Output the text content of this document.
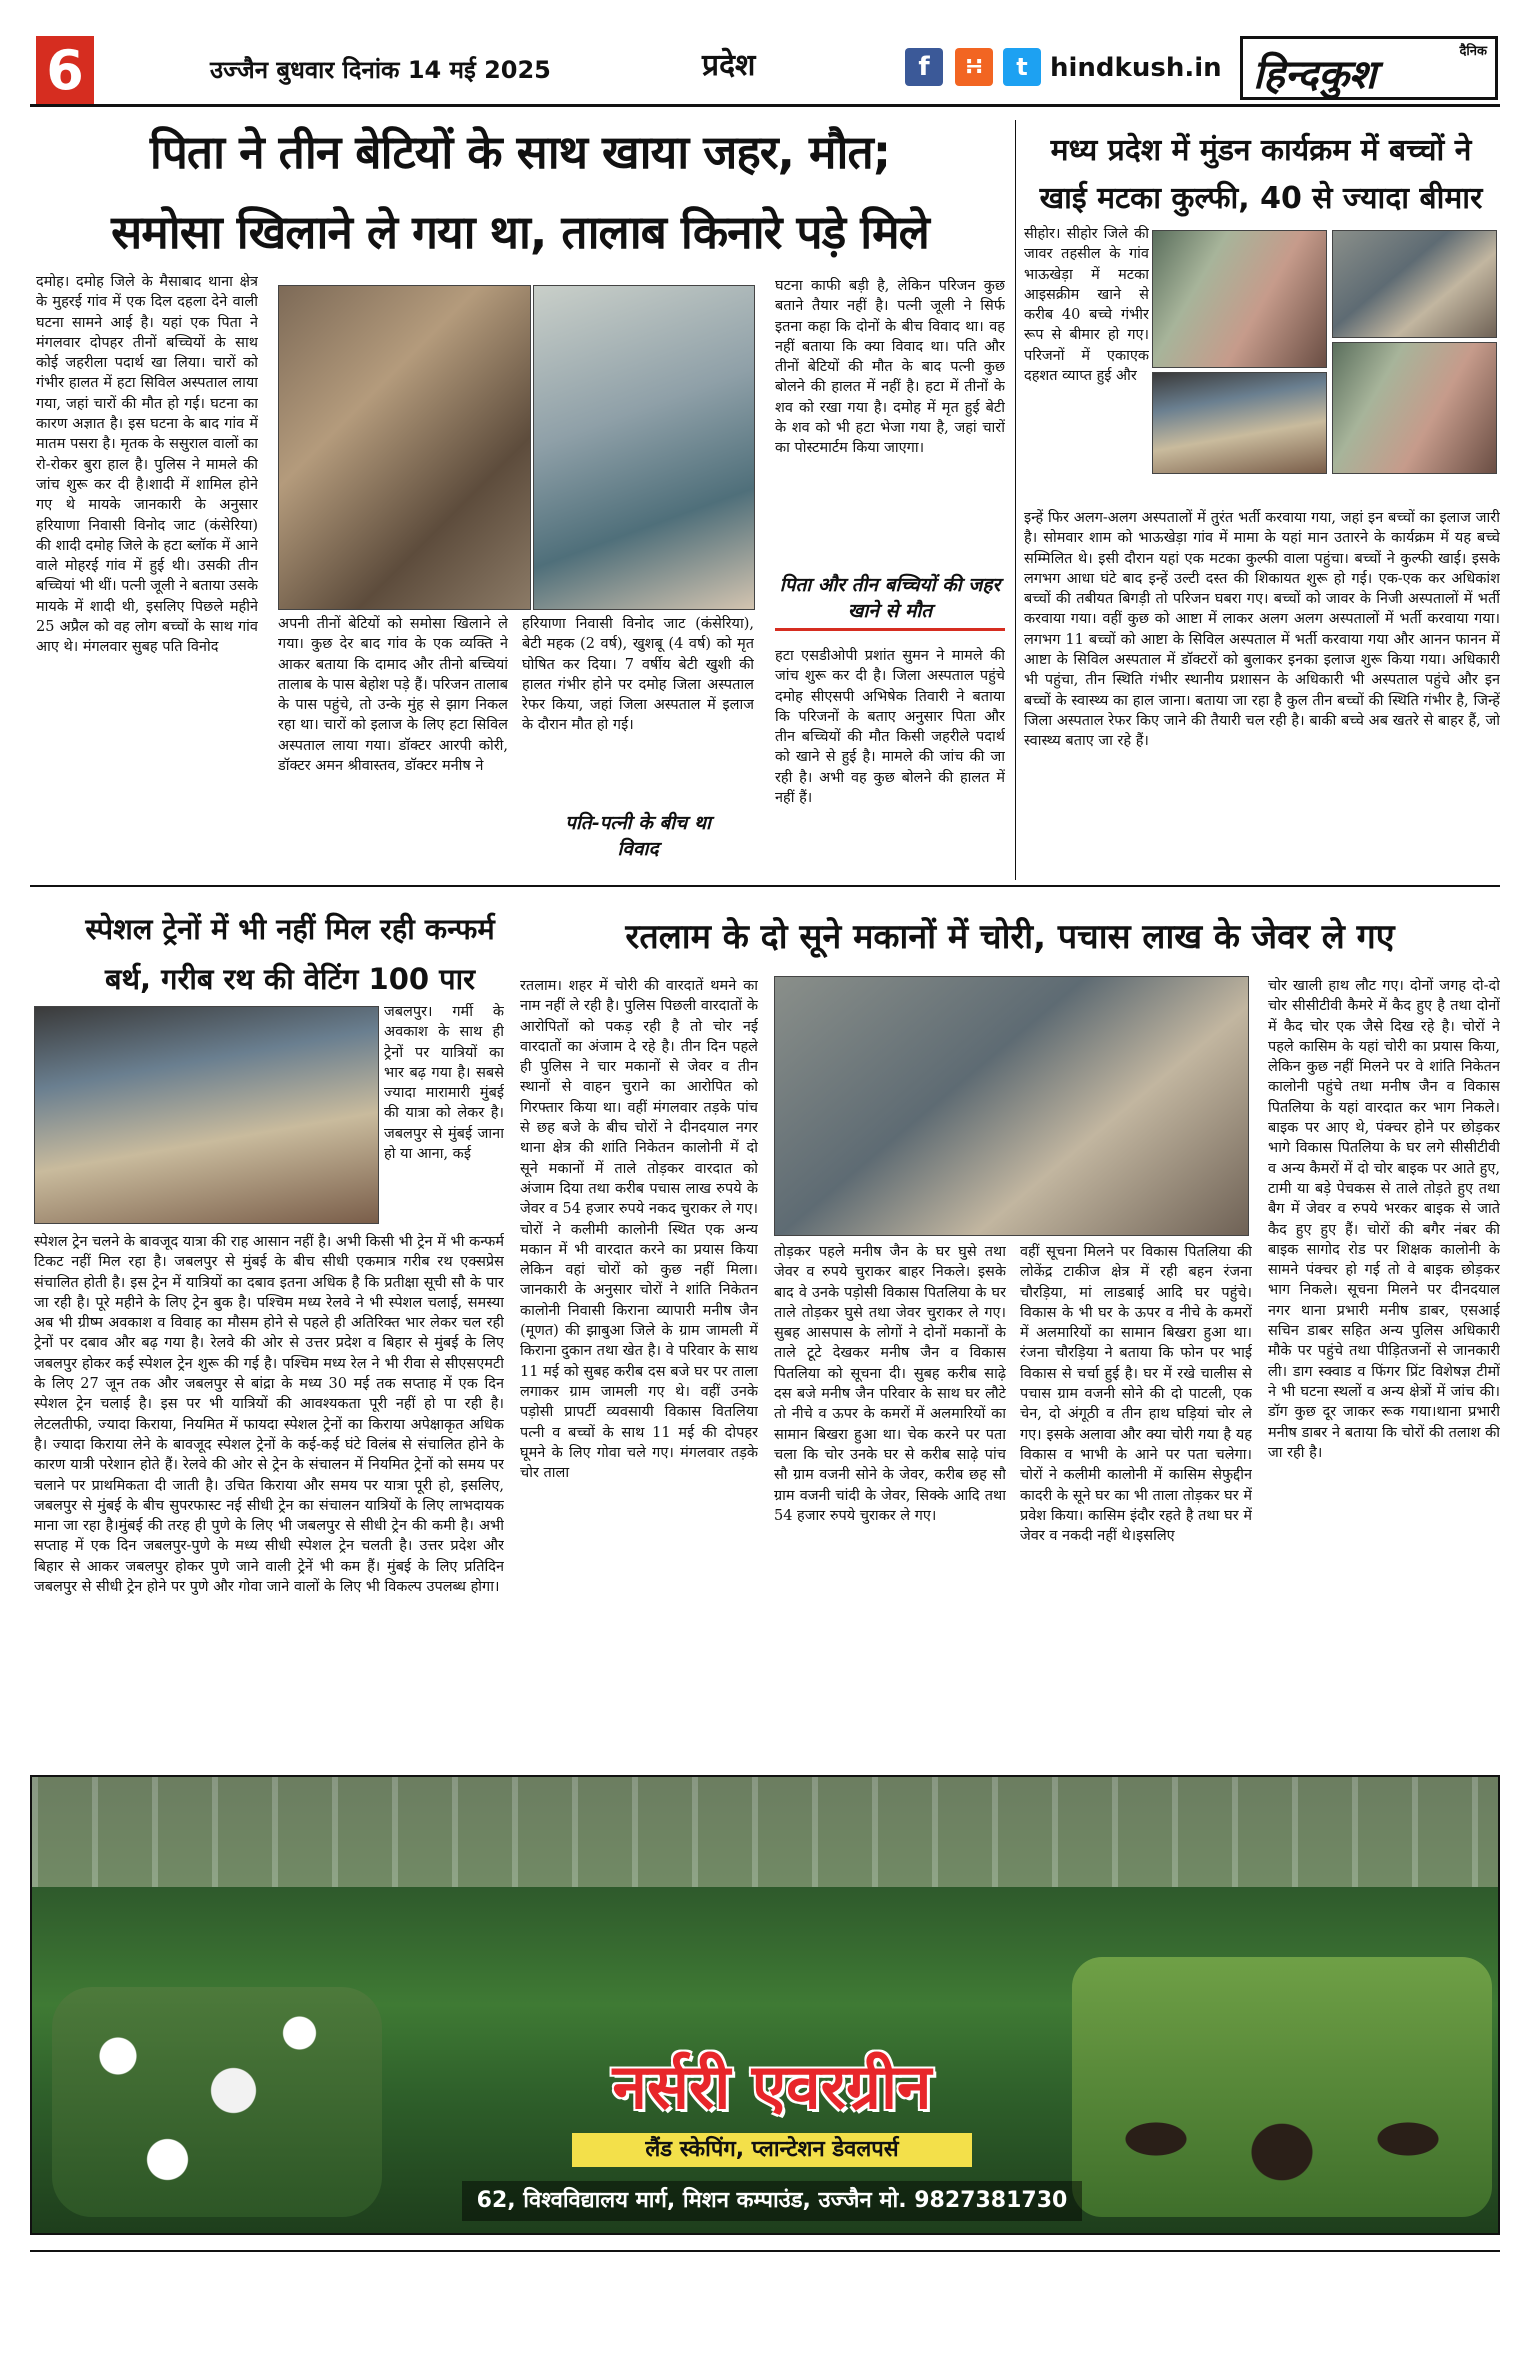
6	उज्जैन बुधवार दिनांक 14 मई 2025	प्रदेश	f	∺	t hindkush.in
दैनिक
हिन्दकुश
पिता ने तीन बेटियों के साथ खाया जहर, मौत;
समोसा खिलाने ले गया था, तालाब किनारे पड़े मिले
दमोह। दमोह जिले के मैसाबाद थाना क्षेत्र के मुहरई गांव में एक दिल दहला देने वाली घटना सामने आई है। यहां एक पिता ने मंगलवार दोपहर तीनों बच्चियों के साथ कोई जहरीला पदार्थ खा लिया। चारों को गंभीर हालत में हटा सिविल अस्पताल लाया गया, जहां चारों की मौत हो गई। घटना का कारण अज्ञात है। इस घटना के बाद गांव में मातम पसरा है। मृतक के ससुराल वालों का रो-रोकर बुरा हाल है। पुलिस ने मामले की जांच शुरू कर दी है।शादी में शामिल होने गए थे मायके जानकारी के अनुसार हरियाणा निवासी विनोद जाट (कंसेरिया) की शादी दमोह जिले के हटा ब्लॉक में आने वाले मोहरई गांव में हुई थी। उसकी तीन बच्चियां भी थीं। पत्नी जूली ने बताया उसके मायके में शादी थी, इसलिए पिछले महीने 25 अप्रैल को वह लोग बच्चों के साथ गांव आए थे। मंगलवार सुबह पति विनोद
अपनी तीनों बेटियों को समोसा खिलाने ले गया। कुछ देर बाद गांव के एक व्यक्ति ने आकर बताया कि दामाद और तीनो बच्चियां तालाब के पास बेहोश पड़े हैं। परिजन तालाब के पास पहुंचे, तो उन्के मुंह से झाग निकल रहा था। चारों को इलाज के लिए हटा सिविल अस्पताल लाया गया। डॉक्टर आरपी कोरी, डॉक्टर अमन श्रीवास्तव, डॉक्टर मनीष ने
हरियाणा निवासी विनोद जाट (कंसेरिया), बेटी महक (2 वर्ष), खुशबू (4 वर्ष) को मृत घोषित कर दिया। 7 वर्षीय बेटी खुशी की हालत गंभीर होने पर दमोह जिला अस्पताल रेफर किया, जहां जिला अस्पताल में इलाज के दौरान मौत हो गई।
पति-पत्नी के बीच था विवाद
घटना काफी बड़ी है, लेकिन परिजन कुछ बताने तैयार नहीं है। पत्नी जूली ने सिर्फ इतना कहा कि दोनों के बीच विवाद था। वह नहीं बताया कि क्या विवाद था। पति और तीनों बेटियों की मौत के बाद पत्नी कुछ बोलने की हालत में नहीं है। हटा में तीनों के शव को रखा गया है। दमोह में मृत हुई बेटी के शव को भी हटा भेजा गया है, जहां चारों का पोस्टमार्टम किया जाएगा।
पिता और तीन बच्चियों की जहर खाने से मौत
हटा एसडीओपी प्रशांत सुमन ने मामले की जांच शुरू कर दी है। जिला अस्पताल पहुंचे दमोह सीएसपी अभिषेक तिवारी ने बताया कि परिजनों के बताए अनुसार पिता और तीन बच्चियों की मौत किसी जहरीले पदार्थ को खाने से हुई है। मामले की जांच की जा रही है। अभी वह कुछ बोलने की हालत में नहीं हैं।
मध्य प्रदेश में मुंडन कार्यक्रम में बच्चों ने
खाई मटका कुल्फी, 40 से ज्यादा बीमार
सीहोर। सीहोर जिले की जावर तहसील के गांव भाऊखेड़ा में मटका आइसक्रीम खाने से करीब 40 बच्चे गंभीर रूप से बीमार हो गए। परिजनों में एकाएक दहशत व्याप्त हुई और
इन्हें फिर अलग-अलग अस्पतालों में तुरंत भर्ती करवाया गया, जहां इन बच्चों का इलाज जारी है। सोमवार शाम को भाऊखेड़ा गांव में मामा के यहां मान उतारने के कार्यक्रम में यह बच्चे सम्मिलित थे। इसी दौरान यहां एक मटका कुल्फी वाला पहुंचा। बच्चों ने कुल्फी खाई। इसके लगभग आधा घंटे बाद इन्हें उल्टी दस्त की शिकायत शुरू हो गई। एक-एक कर अधिकांश बच्चों की तबीयत बिगड़ी तो परिजन घबरा गए। बच्चों को जावर के निजी अस्पतालों में भर्ती करवाया गया। वहीं कुछ को आष्टा में लाकर अलग अलग अस्पतालों में भर्ती करवाया गया। लगभग 11 बच्चों को आष्टा के सिविल अस्पताल में भर्ती करवाया गया और आनन फानन में आष्टा के सिविल अस्पताल में डॉक्टरों को बुलाकर इनका इलाज शुरू किया गया। अधिकारी भी पहुंचा, तीन स्थिति गंभीर स्थानीय प्रशासन के अधिकारी भी अस्पताल पहुंचे और इन बच्चों के स्वास्थ्य का हाल जाना। बताया जा रहा है कुल तीन बच्चों की स्थिति गंभीर है, जिन्हें जिला अस्पताल रेफर किए जाने की तैयारी चल रही है। बाकी बच्चे अब खतरे से बाहर हैं, जो स्वास्थ्य बताए जा रहे हैं।
स्पेशल ट्रेनों में भी नहीं मिल रही कन्फर्म
बर्थ, गरीब रथ की वेटिंग 100 पार
जबलपुर। गर्मी के अवकाश के साथ ही ट्रेनों पर यात्रियों का भार बढ़ गया है। सबसे ज्यादा मारामारी मुंबई की यात्रा को लेकर है। जबलपुर से मुंबई जाना हो या आना, कई
स्पेशल ट्रेन चलने के बावजूद यात्रा की राह आसान नहीं है। अभी किसी भी ट्रेन में भी कन्फर्म टिकट नहीं मिल रहा है। जबलपुर से मुंबई के बीच सीधी एकमात्र गरीब रथ एक्सप्रेस संचालित होती है। इस ट्रेन में यात्रियों का दबाव इतना अधिक है कि प्रतीक्षा सूची सौ के पार जा रही है। पूरे महीने के लिए ट्रेन बुक है। पश्चिम मध्य रेलवे ने भी स्पेशल चलाई, समस्या अब भी ग्रीष्म अवकाश व विवाह का मौसम होने से पहले ही अतिरिक्त भार लेकर चल रही ट्रेनों पर दबाव और बढ़ गया है। रेलवे की ओर से उत्तर प्रदेश व बिहार से मुंबई के लिए जबलपुर होकर कई स्पेशल ट्रेन शुरू की गई है। पश्चिम मध्य रेल ने भी रीवा से सीएसएमटी के लिए 27 जून तक और जबलपुर से बांद्रा के मध्य 30 मई तक सप्ताह में एक दिन स्पेशल ट्रेन चलाई है। इस पर भी यात्रियों की आवश्यकता पूरी नहीं हो पा रही है। लेटलतीफी, ज्यादा किराया, नियमित में फायदा स्पेशल ट्रेनों का किराया अपेक्षाकृत अधिक है। ज्यादा किराया लेने के बावजूद स्पेशल ट्रेनों के कई-कई घंटे विलंब से संचालित होने के कारण यात्री परेशान होते हैं। रेलवे की ओर से ट्रेन के संचालन में नियमित ट्रेनों को समय पर चलाने पर प्राथमिकता दी जाती है। उचित किराया और समय पर यात्रा पूरी हो, इसलिए, जबलपुर से मुंबई के बीच सुपरफास्ट नई सीधी ट्रेन का संचालन यात्रियों के लिए लाभदायक माना जा रहा है।मुंबई की तरह ही पुणे के लिए भी जबलपुर से सीधी ट्रेन की कमी है। अभी सप्ताह में एक दिन जबलपुर-पुणे के मध्य सीधी स्पेशल ट्रेन चलती है। उत्तर प्रदेश और बिहार से आकर जबलपुर होकर पुणे जाने वाली ट्रेनें भी कम हैं। मुंबई के लिए प्रतिदिन जबलपुर से सीधी ट्रेन होने पर पुणे और गोवा जाने वालों के लिए भी विकल्प उपलब्ध होगा।
रतलाम के दो सूने मकानों में चोरी, पचास लाख के जेवर ले गए
रतलाम। शहर में चोरी की वारदातें थमने का नाम नहीं ले रही है। पुलिस पिछली वारदातों के आरोपितों को पकड़ रही है तो चोर नई वारदातों का अंजाम दे रहे है। तीन दिन पहले ही पुलिस ने चार मकानों से जेवर व तीन स्थानों से वाहन चुराने का आरोपित को गिरफ्तार किया था। वहीं मंगलवार तड़के पांच से छह बजे के बीच चोरों ने दीनदयाल नगर थाना क्षेत्र की शांति निकेतन कालोनी में दो सूने मकानों में ताले तोड़कर वारदात को अंजाम दिया तथा करीब पचास लाख रुपये के जेवर व 54 हजार रुपये नकद चुराकर ले गए। चोरों ने कलीमी कालोनी स्थित एक अन्य मकान में भी वारदात करने का प्रयास किया लेकिन वहां चोरों को कुछ नहीं मिला। जानकारी के अनुसार चोरों ने शांति निकेतन कालोनी निवासी किराना व्यापारी मनीष जैन (मूणत) की झाबुआ जिले के ग्राम जामली में किराना दुकान तथा खेत है। वे परिवार के साथ 11 मई को सुबह करीब दस बजे घर पर ताला लगाकर ग्राम जामली गए थे। वहीं उनके पड़ोसी प्रापर्टी व्यवसायी विकास वितलिया पत्नी व बच्चों के साथ 11 मई की दोपहर घूमने के लिए गोवा चले गए। मंगलवार तड़के चोर ताला
तोड़कर पहले मनीष जैन के घर घुसे तथा जेवर व रुपये चुराकर बाहर निकले। इसके बाद वे उनके पड़ोसी विकास पितलिया के घर ताले तोड़कर घुसे तथा जेवर चुराकर ले गए। सुबह आसपास के लोगों ने दोनों मकानों के ताले टूटे देखकर मनीष जैन व विकास पितलिया को सूचना दी। सुबह करीब साढ़े दस बजे मनीष जैन परिवार के साथ घर लौटे तो नीचे व ऊपर के कमरों में अलमारियों का सामान बिखरा हुआ था। चेक करने पर पता चला कि चोर उनके घर से करीब साढ़े पांच सौ ग्राम वजनी सोने के जेवर, करीब छह सौ ग्राम वजनी चांदी के जेवर, सिक्के आदि तथा 54 हजार रुपये चुराकर ले गए।
वहीं सूचना मिलने पर विकास पितलिया की लोकेंद्र टाकीज क्षेत्र में रही बहन रंजना चौरड़िया, मां लाडबाई आदि घर पहुंचे। विकास के भी घर के ऊपर व नीचे के कमरों में अलमारियों का सामान बिखरा हुआ था। रंजना चौरड़िया ने बताया कि फोन पर भाई विकास से चर्चा हुई है। घर में रखे चालीस से पचास ग्राम वजनी सोने की दो पाटली, एक चेन, दो अंगूठी व तीन हाथ घड़ियां चोर ले गए। इसके अलावा और क्या चोरी गया है यह विकास व भाभी के आने पर पता चलेगा। चोरों ने कलीमी कालोनी में कासिम सेफुद्दीन कादरी के सूने घर का भी ताला तोड़कर घर में प्रवेश किया। कासिम इंदौर रहते है तथा घर में जेवर व नकदी नहीं थे।इसलिए
चोर खाली हाथ लौट गए। दोनों जगह दो-दो चोर सीसीटीवी कैमरे में कैद हुए है तथा दोनों में कैद चोर एक जैसे दिख रहे है। चोरों ने पहले कासिम के यहां चोरी का प्रयास किया, लेकिन कुछ नहीं मिलने पर वे शांति निकेतन कालोनी पहुंचे तथा मनीष जैन व विकास पितलिया के यहां वारदात कर भाग निकले। बाइक पर आए थे, पंक्चर होने पर छोड़कर भागे विकास पितलिया के घर लगे सीसीटीवी व अन्य कैमरों में दो चोर बाइक पर आते हुए, टामी या बड़े पेचकस से ताले तोड़ते हुए तथा बैग में जेवर व रुपये भरकर बाइक से जाते कैद हुए हुए हैं। चोरों की बगैर नंबर की बाइक सागोद रोड पर शिक्षक कालोनी के सामने पंक्चर हो गई तो वे बाइक छोड़कर भाग निकले। सूचना मिलने पर दीनदयाल नगर थाना प्रभारी मनीष डाबर, एसआई सचिन डाबर सहित अन्य पुलिस अधिकारी मौके पर पहुंचे तथा पीड़ितजनों से जानकारी ली। डाग स्क्वाड व फिंगर प्रिंट विशेषज्ञ टीमों ने भी घटना स्थलों व अन्य क्षेत्रों में जांच की। डॉग कुछ दूर जाकर रूक गया।थाना प्रभारी मनीष डाबर ने बताया कि चोरों की तलाश की जा रही है।
नर्सरी एवरग्रीन
लैंड स्केपिंग, प्लान्टेशन डेवलपर्स
62, विश्वविद्यालय मार्ग, मिशन कम्पाउंड, उज्जैन मो. 9827381730
